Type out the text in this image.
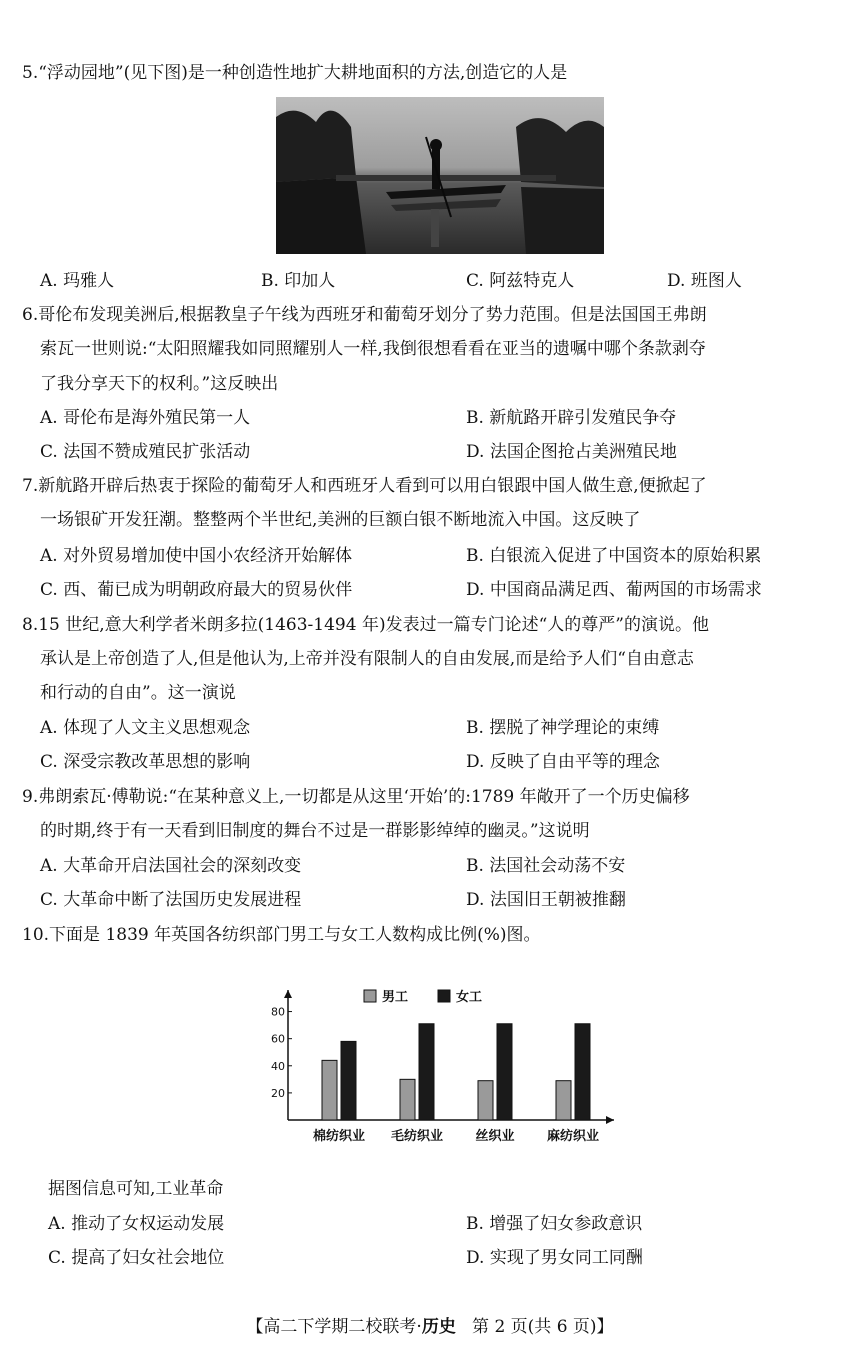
5.“浮动园地”(见下图)是一种创造性地扩大耕地面积的方法,创造它的人是
A. 玛雅人	B. 印加人	C. 阿兹特克人	D. 班图人
6.哥伦布发现美洲后,根据教皇子午线为西班牙和葡萄牙划分了势力范围。但是法国国王弗朗
索瓦一世则说:“太阳照耀我如同照耀别人一样,我倒很想看看在亚当的遗嘱中哪个条款剥夺
了我分享天下的权利。”这反映出
A. 哥伦布是海外殖民第一人	B. 新航路开辟引发殖民争夺
C. 法国不赞成殖民扩张活动	D. 法国企图抢占美洲殖民地
7.新航路开辟后热衷于探险的葡萄牙人和西班牙人看到可以用白银跟中国人做生意,便掀起了
一场银矿开发狂潮。整整两个半世纪,美洲的巨额白银不断地流入中国。这反映了
A. 对外贸易增加使中国小农经济开始解体	B. 白银流入促进了中国资本的原始积累
C. 西、葡已成为明朝政府最大的贸易伙伴	D. 中国商品满足西、葡两国的市场需求
8.15 世纪,意大利学者米朗多拉(1463-1494 年)发表过一篇专门论述“人的尊严”的演说。他
承认是上帝创造了人,但是他认为,上帝并没有限制人的自由发展,而是给予人们“自由意志
和行动的自由”。这一演说
A. 体现了人文主义思想观念	B. 摆脱了神学理论的束缚
C. 深受宗教改革思想的影响	D. 反映了自由平等的理念
9.弗朗索瓦·傅勒说:“在某种意义上,一切都是从这里‘开始’的:1789 年敞开了一个历史偏移
的时期,终于有一天看到旧制度的舞台不过是一群影影绰绰的幽灵。”这说明
A. 大革命开启法国社会的深刻改变	B. 法国社会动荡不安
C. 大革命中断了法国历史发展进程	D. 法国旧王朝被推翻
10.下面是 1839 年英国各纺织部门男工与女工人数构成比例(%)图。
20
40
60
80
棉纺织业 毛纺织业 丝织业 麻纺织业
男工	女工
据图信息可知,工业革命
A. 推动了女权运动发展	B. 增强了妇女参政意识
C. 提高了妇女社会地位	D. 实现了男女同工同酬
【高二下学期二校联考·历史 第 2 页(共 6 页)】
